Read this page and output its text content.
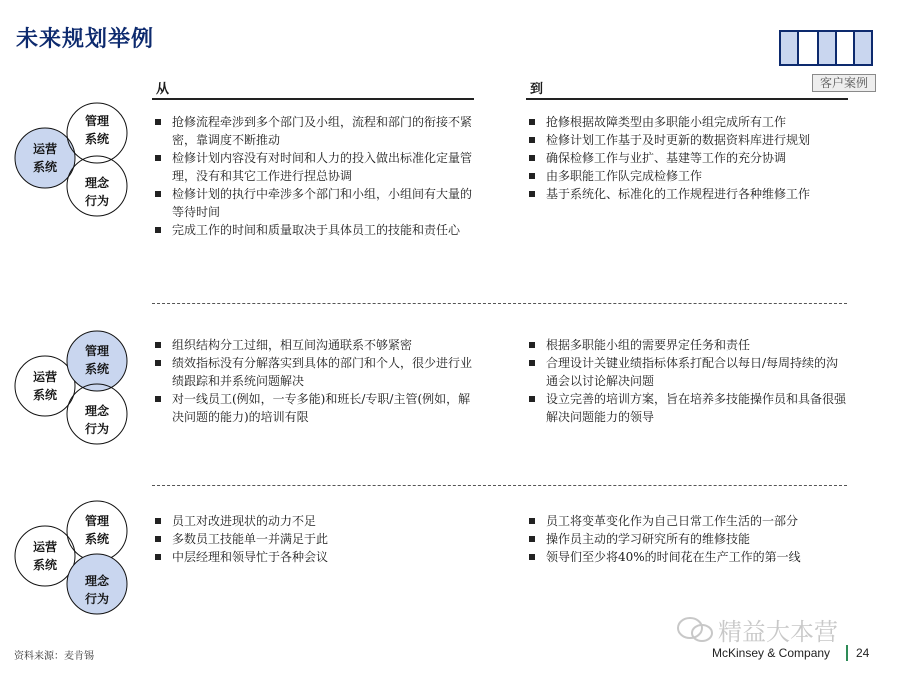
未来规划举例
客户案例
从	到
管理
系统
运营
系统
理念
行为
抢修流程牵涉到多个部门及小组，流程和部门的衔接不紧密，靠调度不断推动
检修计划内容没有对时间和人力的投入做出标准化定量管理，没有和其它工作进行捏总协调
检修计划的执行中牵涉多个部门和小组，小组间有大量的等待时间
完成工作的时间和质量取决于具体员工的技能和责任心
抢修根据故障类型由多职能小组完成所有工作
检修计划工作基于及时更新的数据资料库进行规划
确保检修工作与业扩、基建等工作的充分协调
由多职能工作队完成检修工作
基于系统化、标准化的工作规程进行各种维修工作
管理
系统
运营
系统
理念
行为
组织结构分工过细，相互间沟通联系不够紧密
绩效指标没有分解落实到具体的部门和个人，很少进行业绩跟踪和并系统问题解决
对一线员工(例如，一专多能)和班长/专职/主管(例如，解决问题的能力)的培训有限
根据多职能小组的需要界定任务和责任
合理设计关键业绩指标体系打配合以每日/每周持续的沟通会以讨论解决问题
设立完善的培训方案，旨在培养多技能操作员和具备很强解决问题能力的领导
管理
系统
运营
系统
理念
行为
员工对改进现状的动力不足
多数员工技能单一并满足于此
中层经理和领导忙于各种会议
员工将变革变化作为自己日常工作生活的一部分
操作员主动的学习研究所有的维修技能
领导们至少将40%的时间花在生产工作的第一线
资料来源：麦肯锡
精益大本营
McKinsey & Company 24
